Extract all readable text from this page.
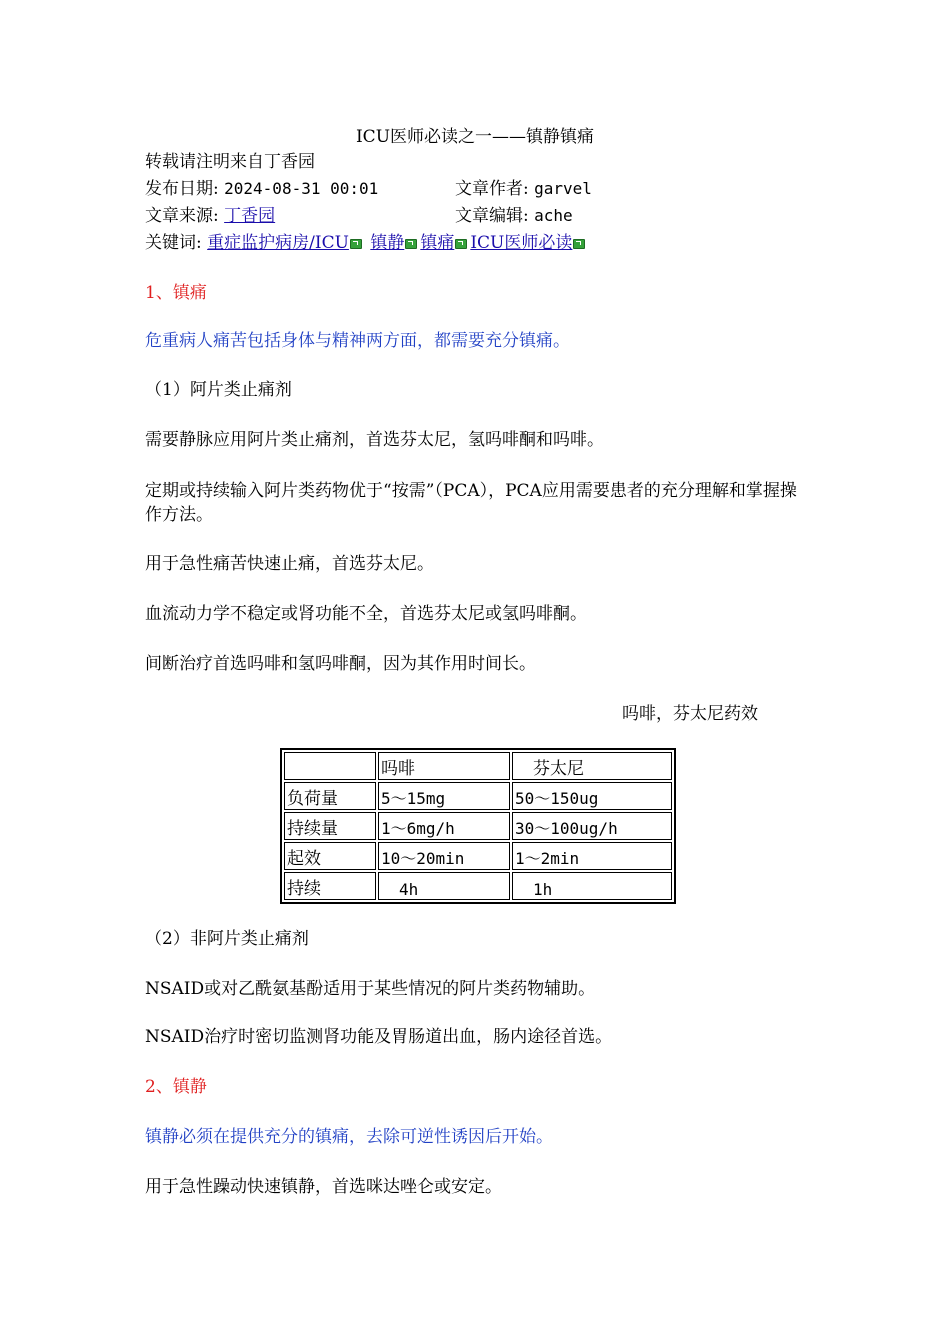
ICU医师必读之一——镇静镇痛
转载请注明来自丁香园
发布日期: 2024-08-31 00:01	文章作者: garvel
文章来源: 丁香园	文章编辑: ache
关键词: 重症监护病房/ICU 镇静 镇痛 ICU医师必读
1、镇痛
危重病人痛苦包括身体与精神两方面，都需要充分镇痛。
（1）阿片类止痛剂
需要静脉应用阿片类止痛剂，首选芬太尼，氢吗啡酮和吗啡。
定期或持续输入阿片类药物优于“按需”（PCA），PCA应用需要患者的充分理解和掌握操作方法。
用于急性痛苦快速止痛，首选芬太尼。
血流动力学不稳定或肾功能不全，首选芬太尼或氢吗啡酮。
间断治疗首选吗啡和氢吗啡酮，因为其作用时间长。
吗啡，芬太尼药效
	吗啡	芬太尼
负荷量	5～15mg	50～150ug
持续量	1～6mg/h	30～100ug/h
起效	10～20min	1～2min
持续	4h	1h
（2）非阿片类止痛剂
NSAID或对乙酰氨基酚适用于某些情况的阿片类药物辅助。
NSAID治疗时密切监测肾功能及胃肠道出血，肠内途径首选。
2、镇静
镇静必须在提供充分的镇痛，去除可逆性诱因后开始。
用于急性躁动快速镇静，首选咪达唑仑或安定。
